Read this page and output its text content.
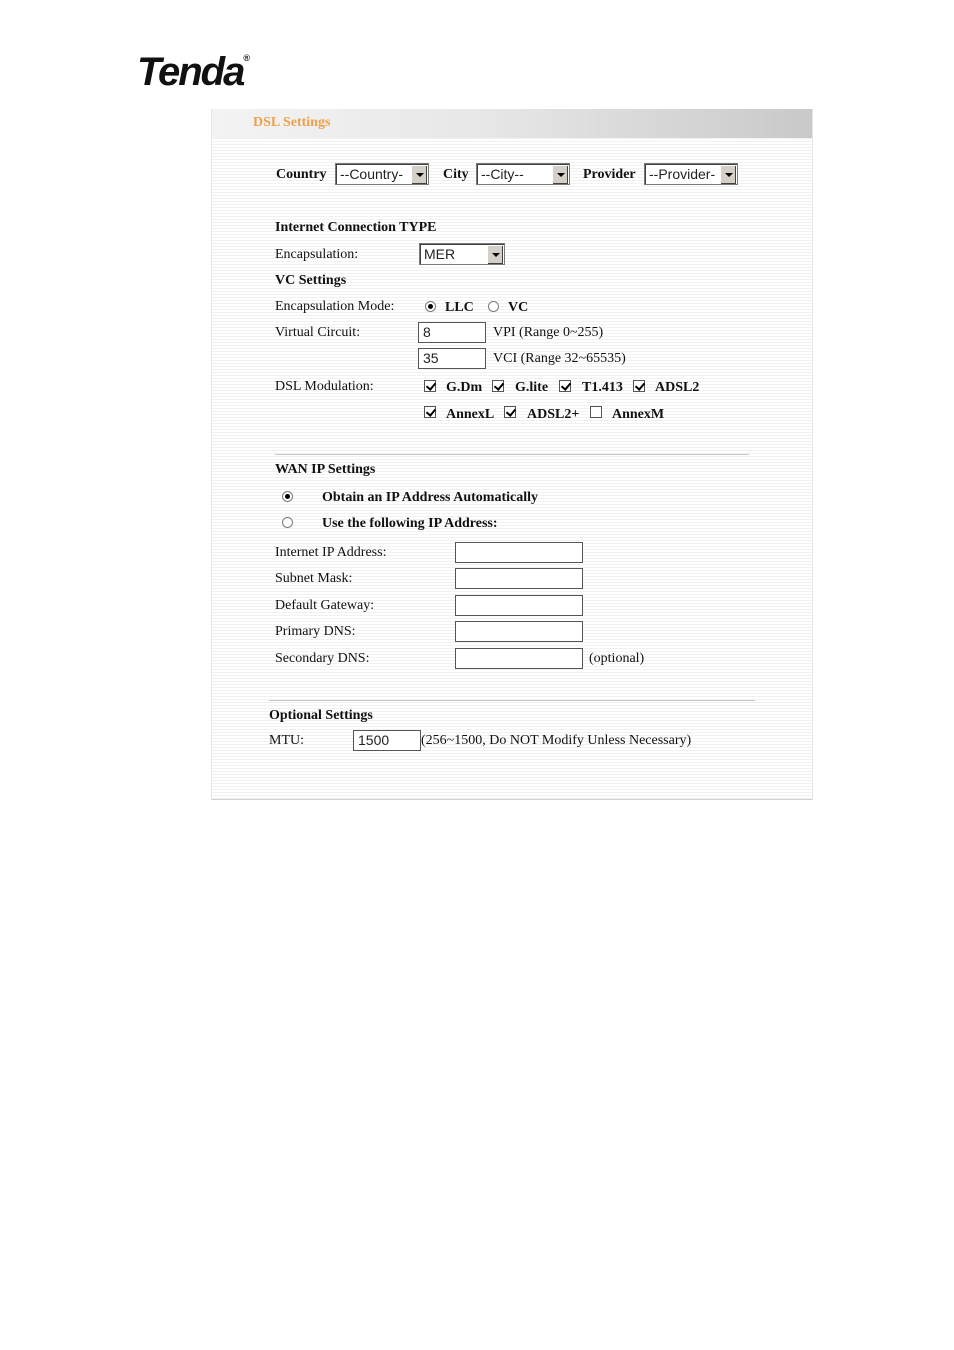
Tenda®
DSL Settings
Country --Country-	City --City--	Provider --Provider-
Internet Connection TYPE
Encapsulation:	MER
VC Settings
Encapsulation Mode:	LLC VC
Virtual Circuit:	8	VPI (Range 0~255)
35	VCI (Range 32~65535)
DSL Modulation:	G.Dm G.lite T1.413 ADSL2
AnnexL ADSL2+ AnnexM
WAN IP Settings
Obtain an IP Address Automatically
Use the following IP Address:
Internet IP Address:
Subnet Mask:
Default Gateway:
Primary DNS:
Secondary DNS:	(optional)
Optional Settings
MTU:	1500	(256~1500, Do NOT Modify Unless Necessary)
